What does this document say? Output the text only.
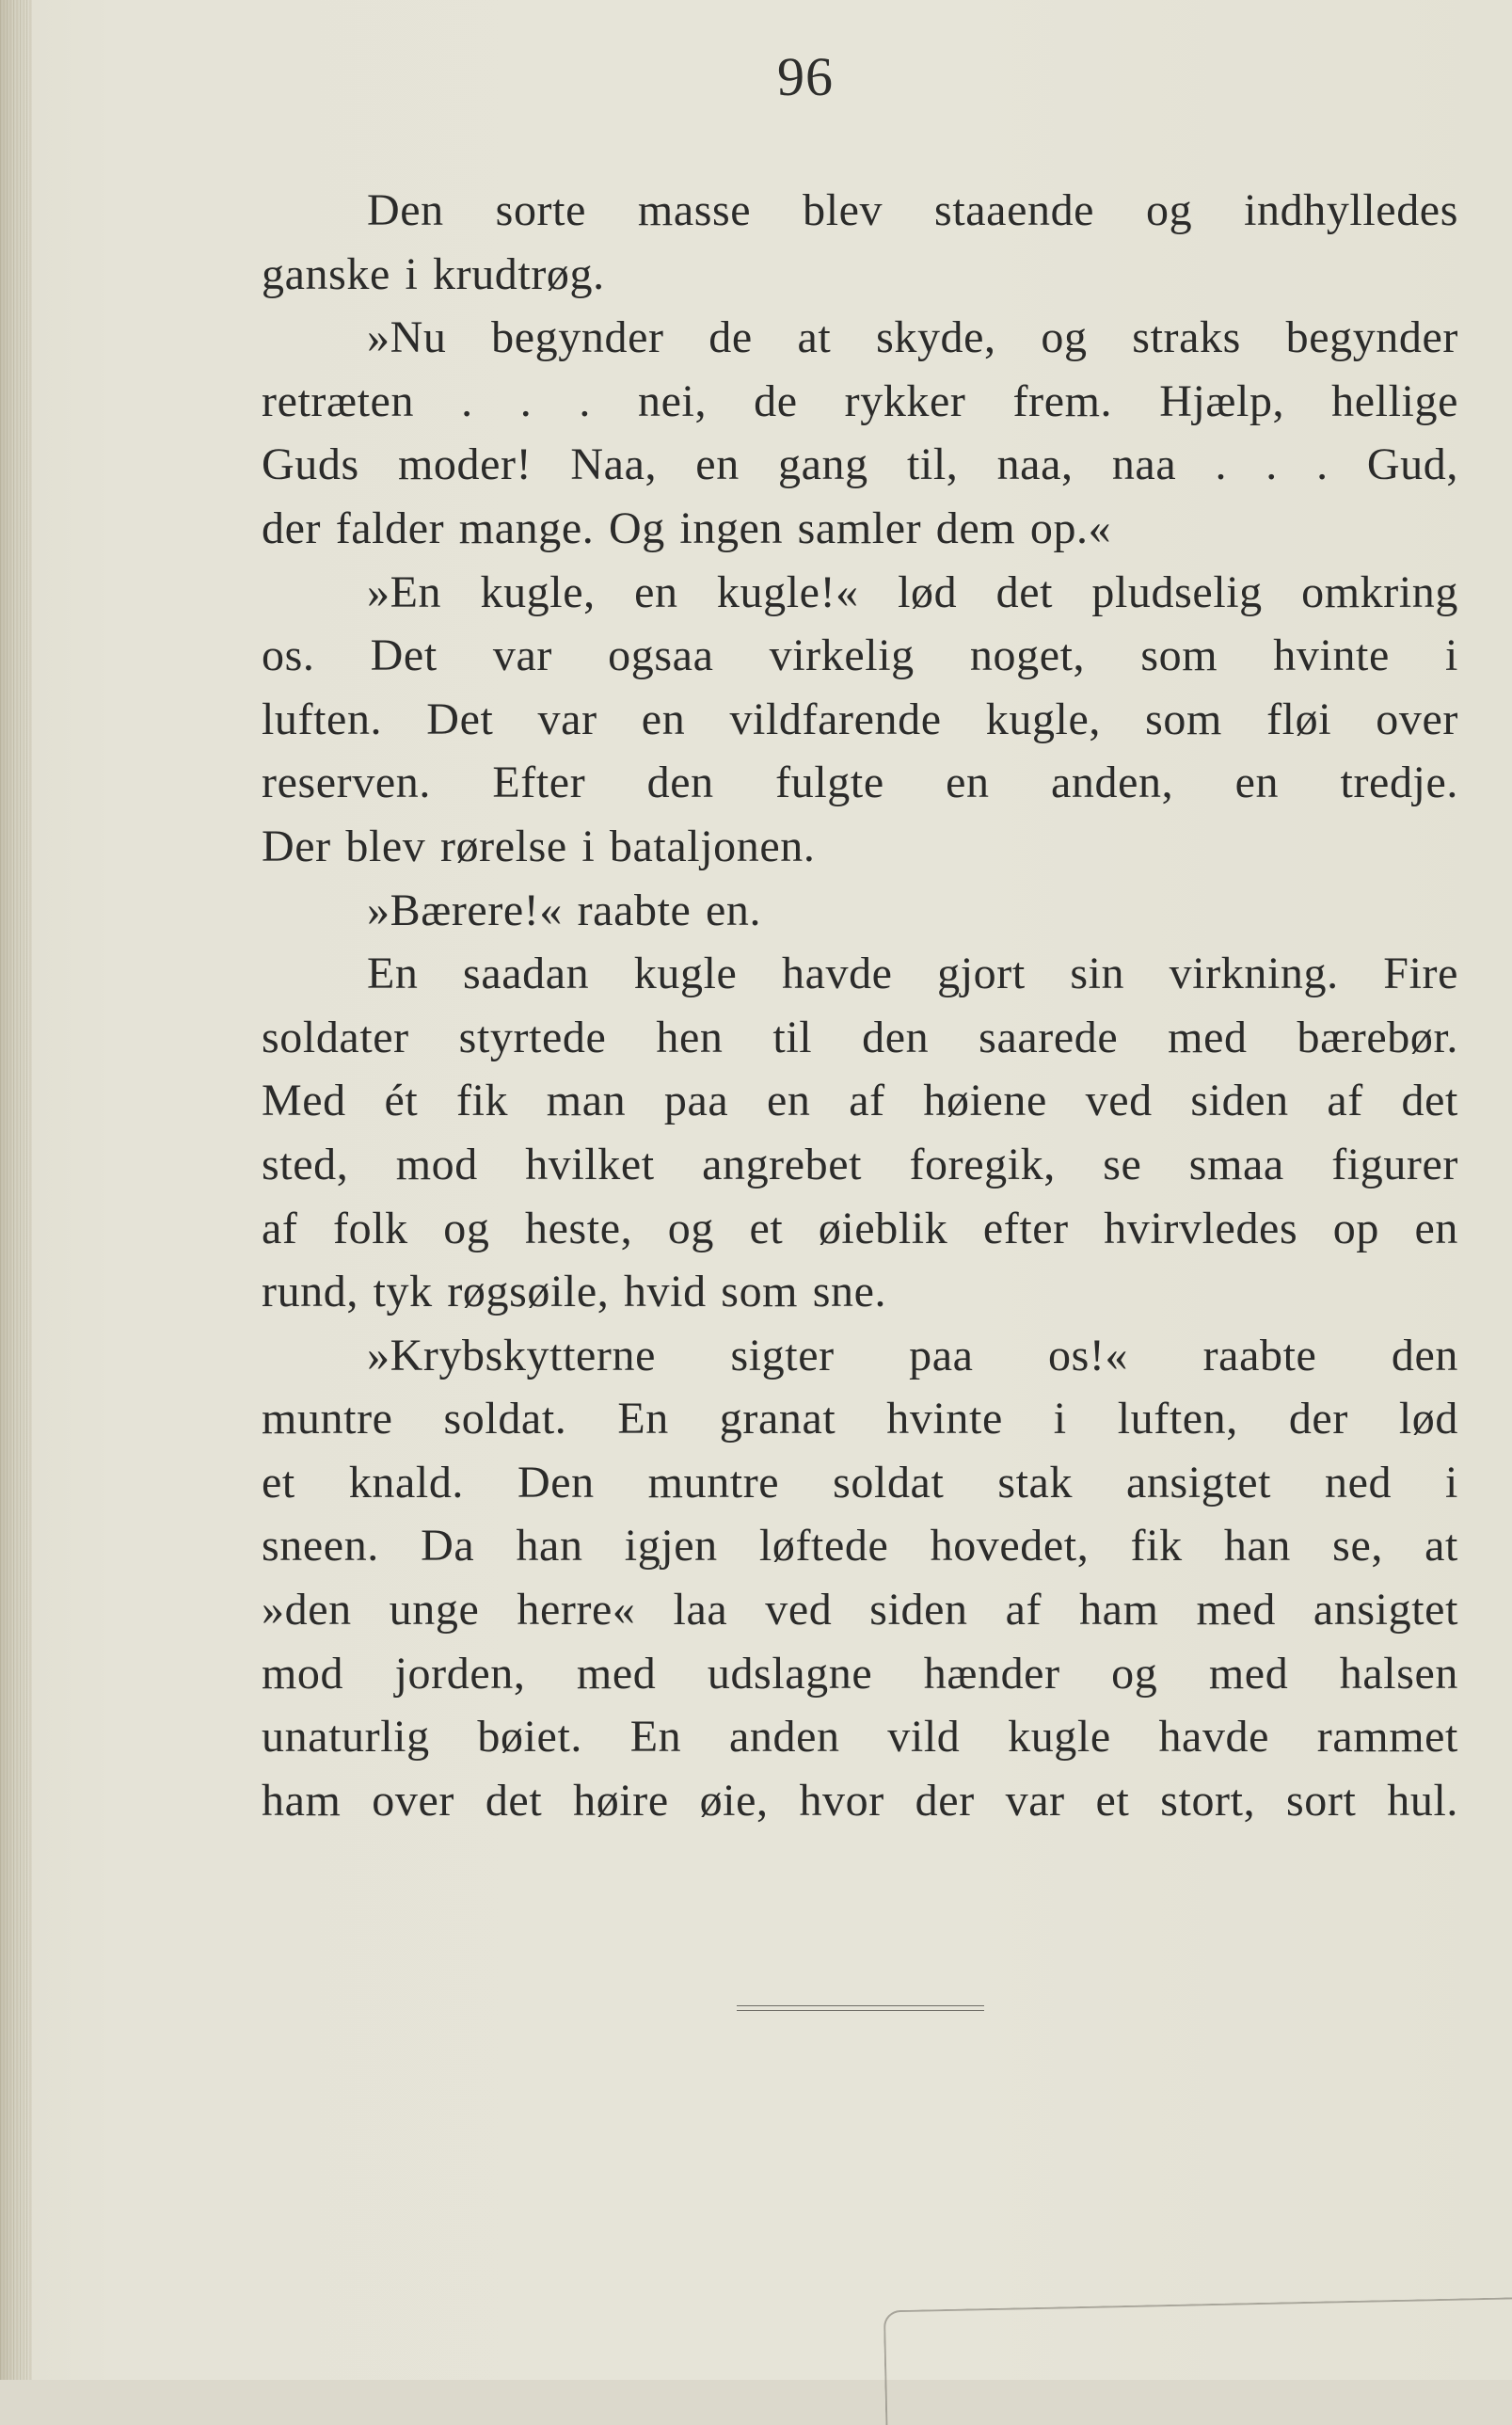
96
Den sorte masse blev staaende og indhylledes
ganske i krudtrøg.
»Nu begynder de at skyde, og straks begynder
retræten . . . nei, de rykker frem. Hjælp, hellige
Guds moder! Naa, en gang til, naa, naa . . . Gud,
der falder mange. Og ingen samler dem op.«
»En kugle, en kugle!« lød det pludselig omkring
os. Det var ogsaa virkelig noget, som hvinte i
luften. Det var en vildfarende kugle, som fløi over
reserven. Efter den fulgte en anden, en tredje.
Der blev rørelse i bataljonen.
»Bærere!« raabte en.
En saadan kugle havde gjort sin virkning. Fire
soldater styrtede hen til den saarede med bærebør.
Med ét fik man paa en af høiene ved siden af det
sted, mod hvilket angrebet foregik, se smaa figurer
af folk og heste, og et øieblik efter hvirvledes op en
rund, tyk røgsøile, hvid som sne.
»Krybskytterne sigter paa os!« raabte den
muntre soldat. En granat hvinte i luften, der lød
et knald. Den muntre soldat stak ansigtet ned i
sneen. Da han igjen løftede hovedet, fik han se, at
»den unge herre« laa ved siden af ham med ansigtet
mod jorden, med udslagne hænder og med halsen
unaturlig bøiet. En anden vild kugle havde rammet
ham over det høire øie, hvor der var et stort, sort hul.
